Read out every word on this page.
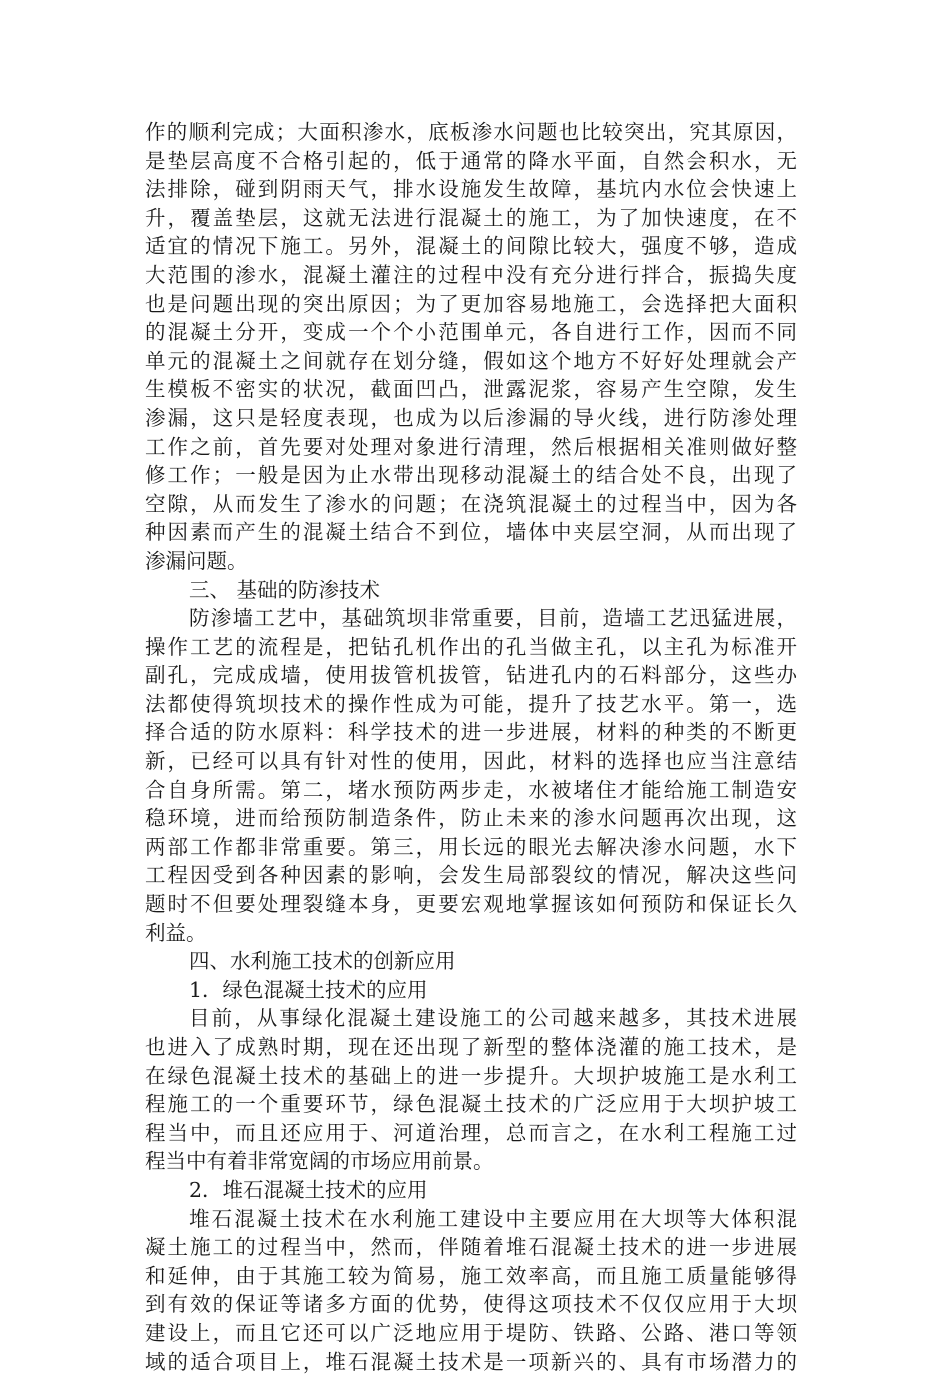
作的顺利完成；大面积渗水，底板渗水问题也比较突出，究其原因，
是垫层高度不合格引起的，低于通常的降水平面，自然会积水，无
法排除，碰到阴雨天气，排水设施发生故障，基坑内水位会快速上
升，覆盖垫层，这就无法进行混凝土的施工，为了加快速度，在不
适宜的情况下施工。另外，混凝土的间隙比较大，强度不够，造成
大范围的渗水，混凝土灌注的过程中没有充分进行拌合，振捣失度
也是问题出现的突出原因；为了更加容易地施工，会选择把大面积
的混凝土分开，变成一个个小范围单元，各自进行工作，因而不同
单元的混凝土之间就存在划分缝，假如这个地方不好好处理就会产
生模板不密实的状况，截面凹凸，泄露泥浆，容易产生空隙，发生
渗漏，这只是轻度表现，也成为以后渗漏的导火线，进行防渗处理
工作之前，首先要对处理对象进行清理，然后根据相关准则做好整
修工作；一般是因为止水带出现移动混凝土的结合处不良，出现了
空隙，从而发生了渗水的问题；在浇筑混凝土的过程当中，因为各
种因素而产生的混凝土结合不到位，墙体中夹层空洞，从而出现了
渗漏问题。
三、 基础的防渗技术
防渗墙工艺中，基础筑坝非常重要，目前，造墙工艺迅猛进展，
操作工艺的流程是，把钻孔机作出的孔当做主孔，以主孔为标准开
副孔，完成成墙，使用拔管机拔管，钻进孔内的石料部分，这些办
法都使得筑坝技术的操作性成为可能，提升了技艺水平。第一，选
择合适的防水原料：科学技术的进一步进展，材料的种类的不断更
新，已经可以具有针对性的使用，因此，材料的选择也应当注意结
合自身所需。第二，堵水预防两步走，水被堵住才能给施工制造安
稳环境，进而给预防制造条件，防止未来的渗水问题再次出现，这
两部工作都非常重要。第三，用长远的眼光去解决渗水问题，水下
工程因受到各种因素的影响，会发生局部裂纹的情况，解决这些问
题时不但要处理裂缝本身，更要宏观地掌握该如何预防和保证长久
利益。
四、水利施工技术的创新应用
1．绿色混凝土技术的应用
目前，从事绿化混凝土建设施工的公司越来越多，其技术进展
也进入了成熟时期，现在还出现了新型的整体浇灌的施工技术，是
在绿色混凝土技术的基础上的进一步提升。大坝护坡施工是水利工
程施工的一个重要环节，绿色混凝土技术的广泛应用于大坝护坡工
程当中，而且还应用于、河道治理，总而言之，在水利工程施工过
程当中有着非常宽阔的市场应用前景。
2．堆石混凝土技术的应用
堆石混凝土技术在水利施工建设中主要应用在大坝等大体积混
凝土施工的过程当中，然而，伴随着堆石混凝土技术的进一步进展
和延伸，由于其施工较为简易，施工效率高，而且施工质量能够得
到有效的保证等诸多方面的优势，使得这项技术不仅仅应用于大坝
建设上，而且它还可以广泛地应用于堤防、铁路、公路、港口等领
域的适合项目上，堆石混凝土技术是一项新兴的、具有市场潜力的
